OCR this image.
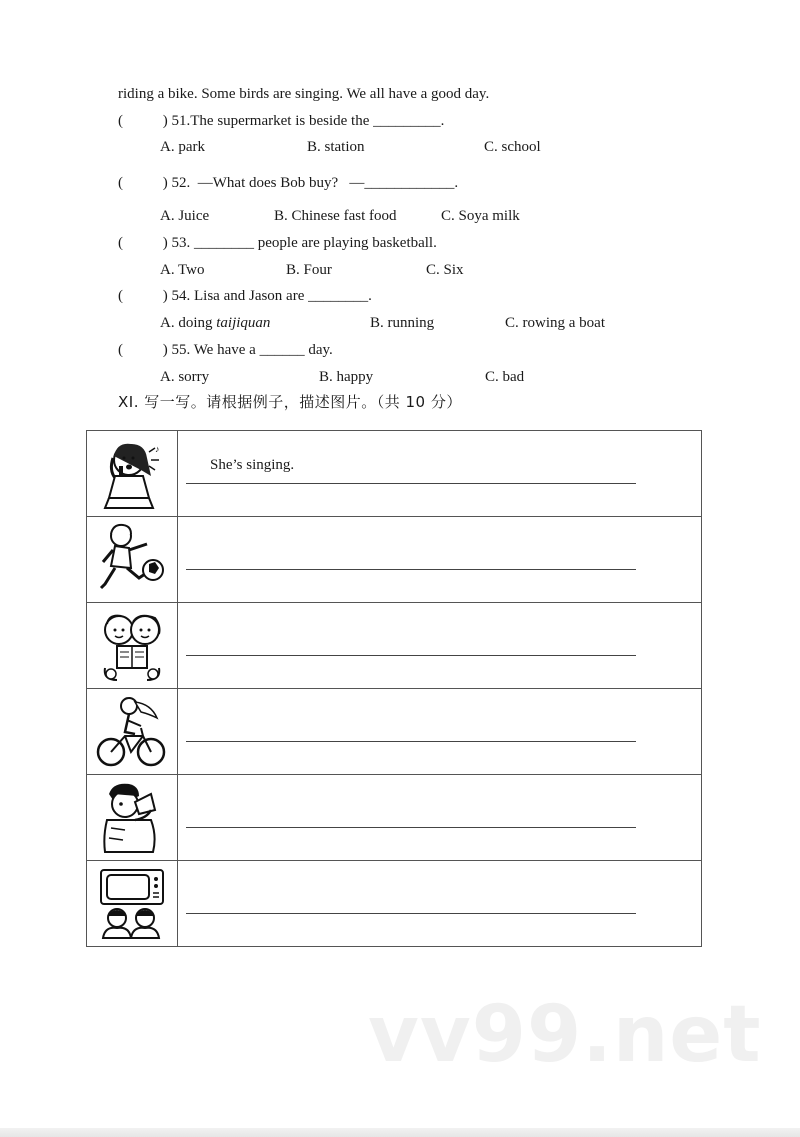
riding a bike. Some birds are singing. We all have a good day.
(	) 51.The supermarket is beside the _________.
A. park	B. station	C. school
(	) 52. —What does Bob buy? —____________.
A. Juice	B. Chinese fast food	C. Soya milk
(	) 53. ________ people are playing basketball.
A. Two	B. Four	C. Six
(	) 54. Lisa and Jason are ________.
A. doing taijiquan	B. running	C. rowing a boat
(	) 55. We have a ______ day.
A. sorry	B. happy	C. bad
XI. 写一写。请根据例子，描述图片。（共 10 分）
♪	She’s singing.

vv99.net
